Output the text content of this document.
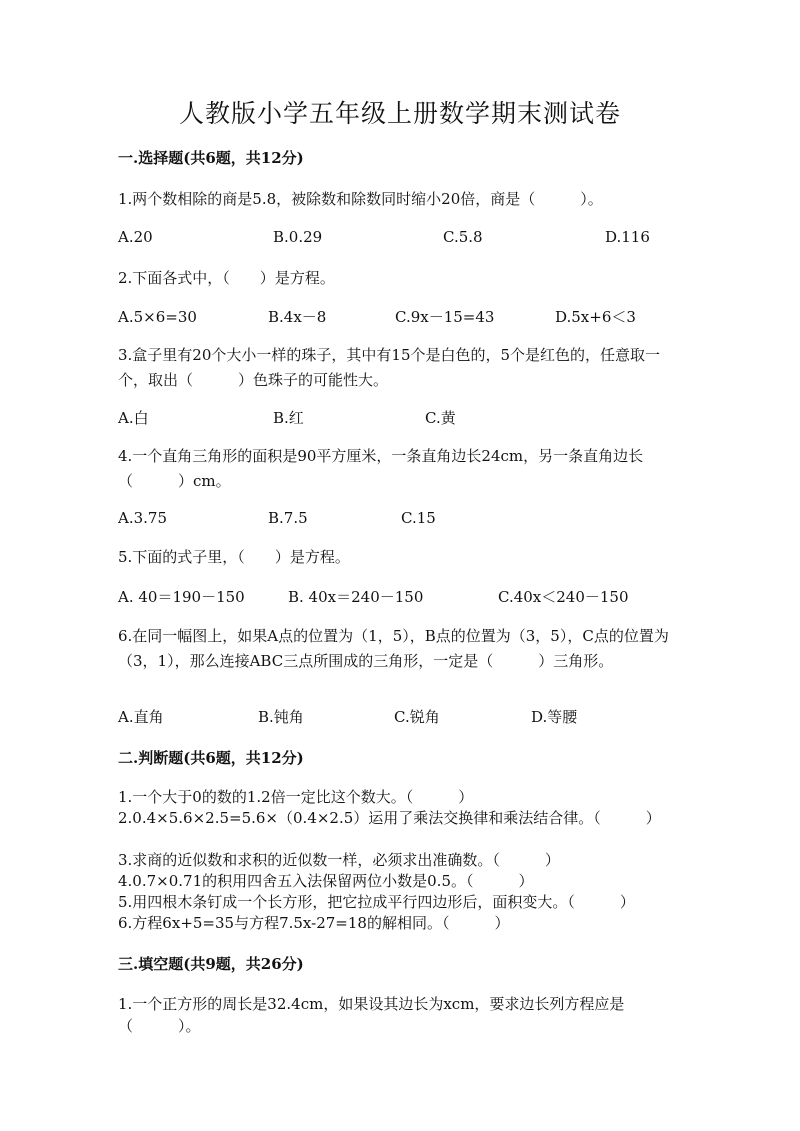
人教版小学五年级上册数学期末测试卷
一.选择题(共6题，共12分)
1.两个数相除的商是5.8，被除数和除数同时缩小20倍，商是（　　　）。
A.20	B.0.29	C.5.8	D.116
2.下面各式中，（　　）是方程。
A.5×6=30	B.4x－8	C.9x－15=43	D.5x+6＜3
3.盒子里有20个大小一样的珠子，其中有15个是白色的，5个是红色的，任意取一个，取出（　　　）色珠子的可能性大。
A.白	B.红	C.黄
4.一个直角三角形的面积是90平方厘米，一条直角边长24cm，另一条直角边长（　　　）cm。
A.3.75	B.7.5	C.15
5.下面的式子里，（　　）是方程。
A. 40＝190－150	B. 40x＝240－150	C.40x＜240－150
6.在同一幅图上，如果A点的位置为（1，5），B点的位置为（3，5），C点的位置为（3，1），那么连接ABC三点所围成的三角形，一定是（　　　）三角形。
A.直角	B.钝角	C.锐角	D.等腰
二.判断题(共6题，共12分)
1.一个大于0的数的1.2倍一定比这个数大。（　　　）
2.0.4×5.6×2.5=5.6×（0.4×2.5）运用了乘法交换律和乘法结合律。（　　　）
3.求商的近似数和求积的近似数一样，必须求出准确数。（　　　）
4.0.7×0.71的积用四舍五入法保留两位小数是0.5。（　　　）
5.用四根木条钉成一个长方形，把它拉成平行四边形后，面积变大。（　　　）
6.方程6x+5=35与方程7.5x-27=18的解相同。（　　　）
三.填空题(共9题，共26分)
1.一个正方形的周长是32.4cm，如果设其边长为xcm，要求边长列方程应是（　　　）。
